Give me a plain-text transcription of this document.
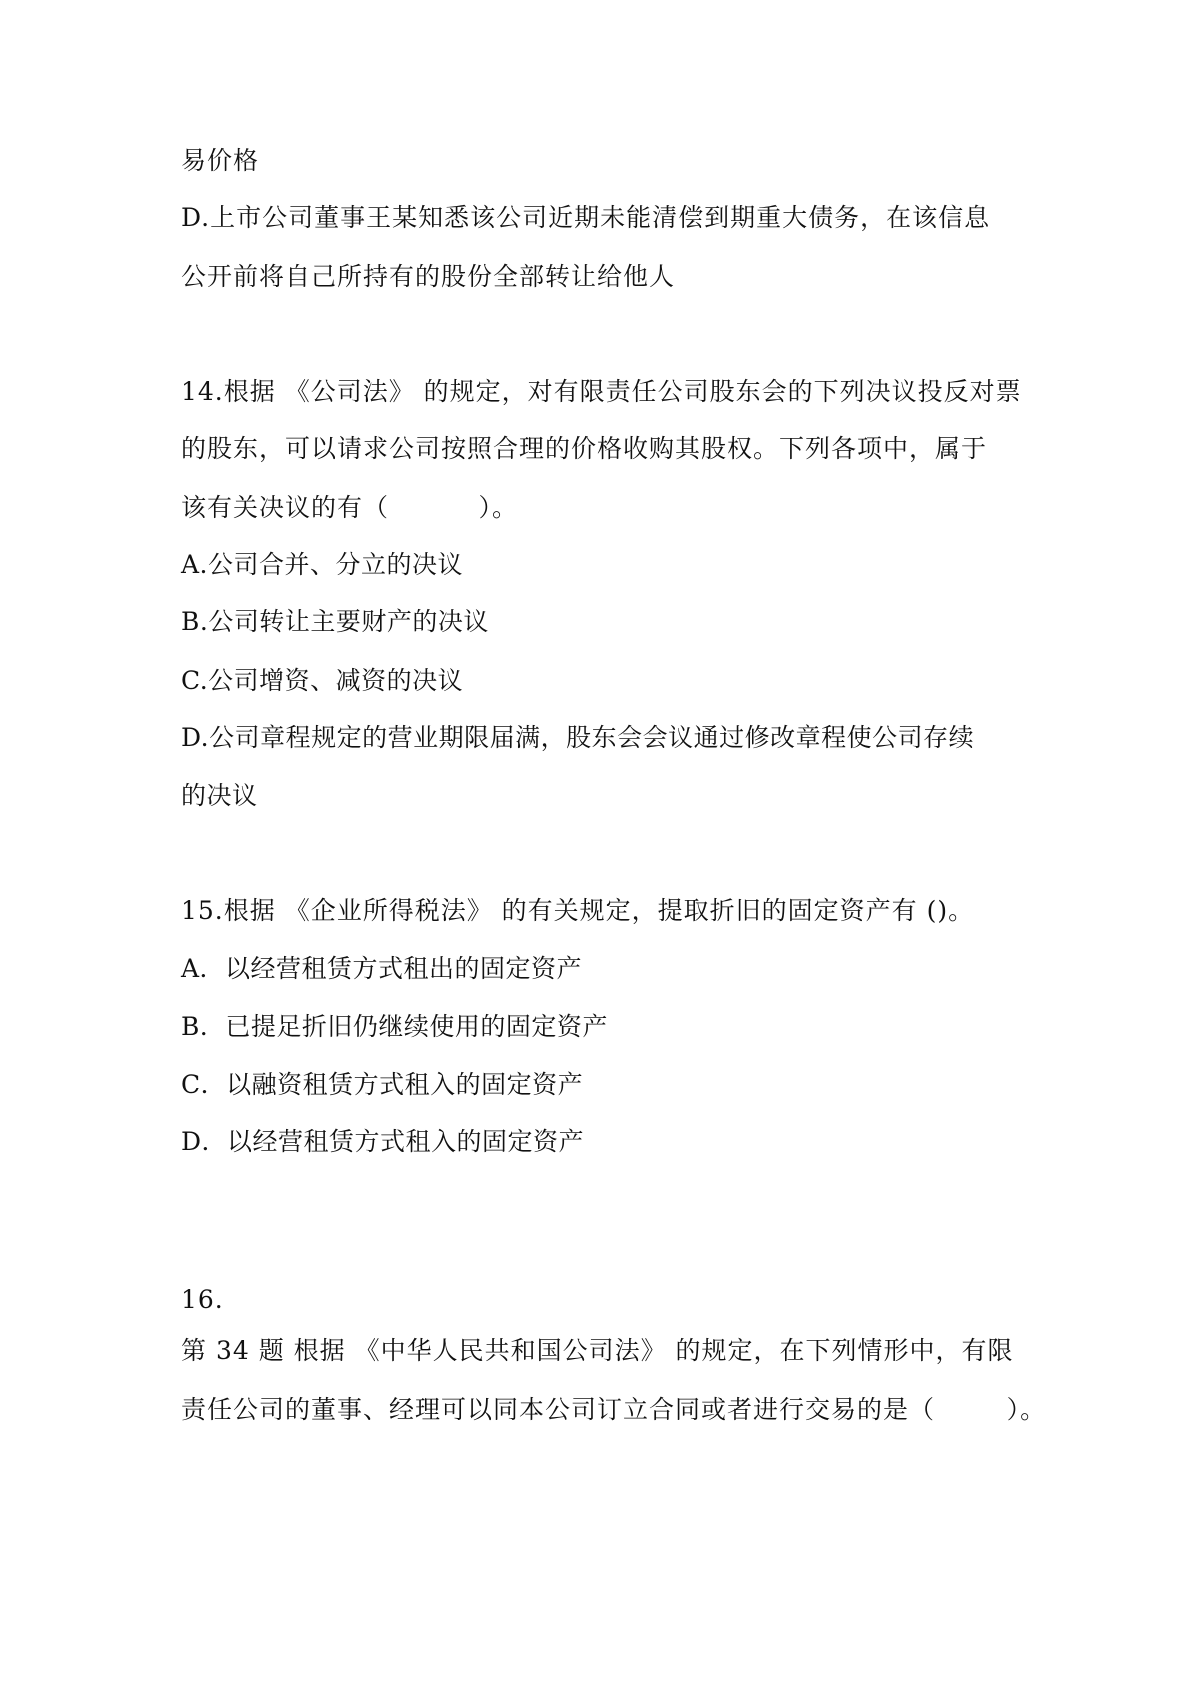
易价格
D.上市公司董事王某知悉该公司近期未能清偿到期重大债务，在该信息
公开前将自己所持有的股份全部转让给他人
14.根据 《公司法》 的规定，对有限责任公司股东会的下列决议投反对票
的股东，可以请求公司按照合理的价格收购其股权。下列各项中，属于
该有关决议的有（          ）。
A.公司合并、分立的决议
B.公司转让主要财产的决议
C.公司增资、减资的决议
D.公司章程规定的营业期限届满，股东会会议通过修改章程使公司存续
的决议
15.根据 《企业所得税法》 的有关规定，提取折旧的固定资产有 ()。
A．以经营租赁方式租出的固定资产
B．已提足折旧仍继续使用的固定资产
C．以融资租赁方式租入的固定资产
D．以经营租赁方式租入的固定资产
16.
第 34 题 根据 《中华人民共和国公司法》 的规定，在下列情形中，有限
责任公司的董事、经理可以同本公司订立合同或者进行交易的是（        ）。
